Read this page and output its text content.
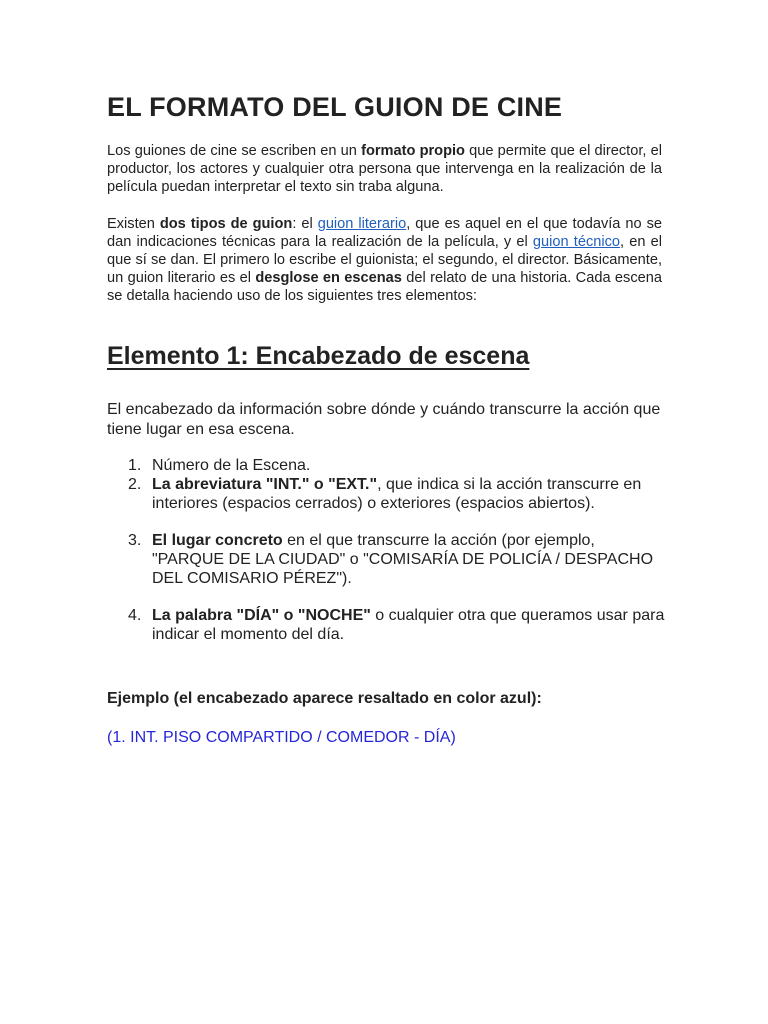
EL FORMATO DEL GUION DE CINE

Los guiones de cine se escriben en un formato propio que permite que el director, el productor, los actores y cualquier otra persona que intervenga en la realización de la película puedan interpretar el texto sin traba alguna.

Existen dos tipos de guion: el guion literario, que es aquel en el que todavía no se dan indicaciones técnicas para la realización de la película, y el guion técnico, en el que sí se dan. El primero lo escribe el guionista; el segundo, el director. Básicamente, un guion literario es el desglose en escenas del relato de una historia. Cada escena se detalla haciendo uso de los siguientes tres elementos:

Elemento 1: Encabezado de escena

El encabezado da información sobre dónde y cuándo transcurre la acción que tiene lugar en esa escena.

1. Número de la Escena.
2. La abreviatura "INT." o "EXT.", que indica si la acción transcurre en interiores (espacios cerrados) o exteriores (espacios abiertos).
3. El lugar concreto en el que transcurre la acción (por ejemplo, "PARQUE DE LA CIUDAD" o "COMISARÍA DE POLICÍA / DESPACHO DEL COMISARIO PÉREZ").
4. La palabra "DÍA" o "NOCHE" o cualquier otra que queramos usar para indicar el momento del día.

Ejemplo (el encabezado aparece resaltado en color azul):

(1. INT. PISO COMPARTIDO / COMEDOR - DÍA)
